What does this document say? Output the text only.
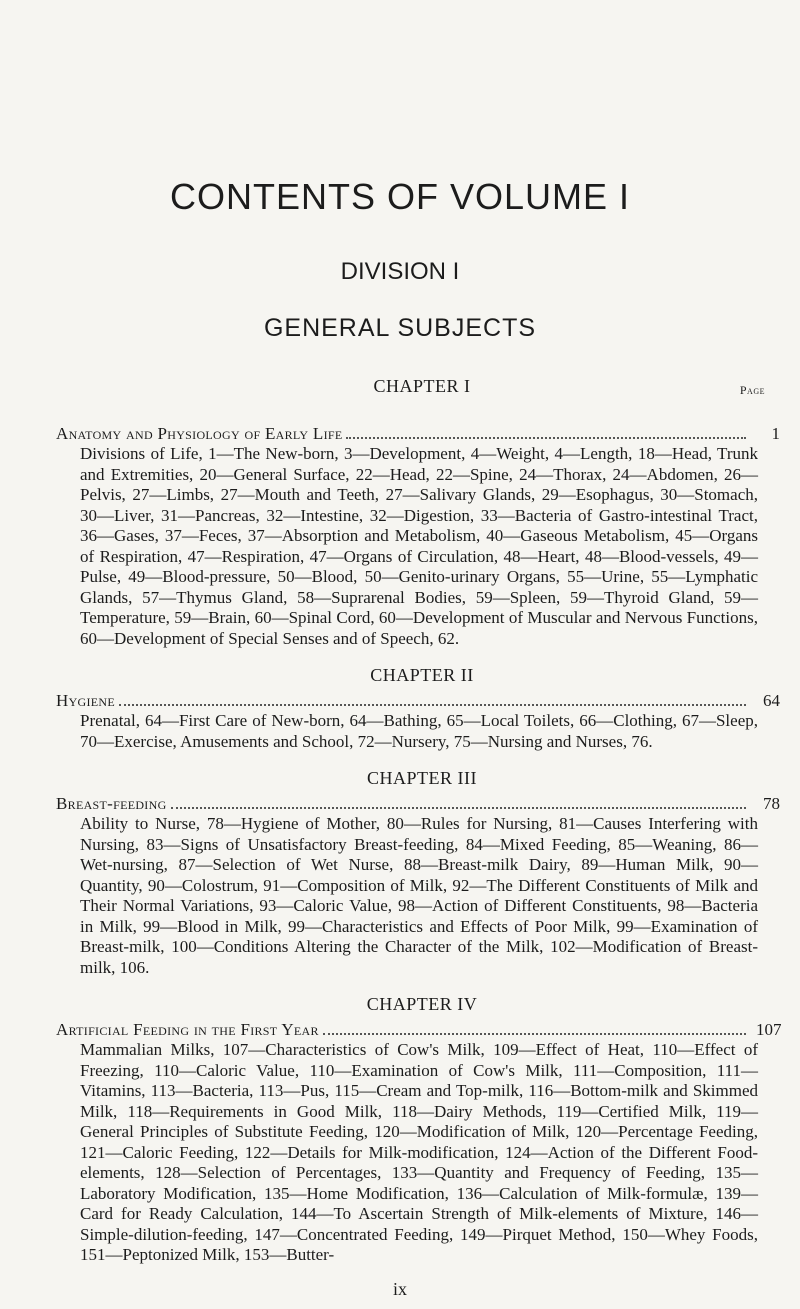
CONTENTS OF VOLUME I
DIVISION I
GENERAL SUBJECTS
Page
CHAPTER I
Anatomy and Physiology of Early Life	1

Divisions of Life, 1—The New-born, 3—Development, 4—Weight, 4—Length, 18—Head, Trunk and Extremities, 20—General Surface, 22—Head, 22—Spine, 24—Thorax, 24—Abdomen, 26—Pelvis, 27—Limbs, 27—Mouth and Teeth, 27—Salivary Glands, 29—Esophagus, 30—Stomach, 30—Liver, 31—Pancreas, 32—Intestine, 32—Digestion, 33—Bacteria of Gastro-intestinal Tract, 36—Gases, 37—Feces, 37—Absorption and Metabolism, 40—Gaseous Metabolism, 45—Organs of Respiration, 47—Respiration, 47—Organs of Circulation, 48—Heart, 48—Blood-vessels, 49—Pulse, 49—Blood-pressure, 50—Blood, 50—Genito-urinary Organs, 55—Urine, 55—Lymphatic Glands, 57—Thymus Gland, 58—Suprarenal Bodies, 59—Spleen, 59—Thyroid Gland, 59—Temperature, 59—Brain, 60—Spinal Cord, 60—Development of Muscular and Nervous Functions, 60—Development of Special Senses and of Speech, 62.

CHAPTER II
Hygiene	64

Prenatal, 64—First Care of New-born, 64—Bathing, 65—Local Toilets, 66—Clothing, 67—Sleep, 70—Exercise, Amusements and School, 72—Nursery, 75—Nursing and Nurses, 76.

CHAPTER III
Breast-feeding	78

Ability to Nurse, 78—Hygiene of Mother, 80—Rules for Nursing, 81—Causes Interfering with Nursing, 83—Signs of Unsatisfactory Breast-feeding, 84—Mixed Feeding, 85—Weaning, 86—Wet-nursing, 87—Selection of Wet Nurse, 88—Breast-milk Dairy, 89—Human Milk, 90—Quantity, 90—Colostrum, 91—Composition of Milk, 92—The Different Constituents of Milk and Their Normal Variations, 93—Caloric Value, 98—Action of Different Constituents, 98—Bacteria in Milk, 99—Blood in Milk, 99—Characteristics and Effects of Poor Milk, 99—Examination of Breast-milk, 100—Conditions Altering the Character of the Milk, 102—Modification of Breast-milk, 106.

CHAPTER IV
Artificial Feeding in the First Year	107

Mammalian Milks, 107—Characteristics of Cow's Milk, 109—Effect of Heat, 110—Effect of Freezing, 110—Caloric Value, 110—Examination of Cow's Milk, 111—Composition, 111—Vitamins, 113—Bacteria, 113—Pus, 115—Cream and Top-milk, 116—Bottom-milk and Skimmed Milk, 118—Requirements in Good Milk, 118—Dairy Methods, 119—Certified Milk, 119—General Principles of Substitute Feeding, 120—Modification of Milk, 120—Percentage Feeding, 121—Caloric Feeding, 122—Details for Milk-modification, 124—Action of the Different Food-elements, 128—Selection of Percentages, 133—Quantity and Frequency of Feeding, 135—Laboratory Modification, 135—Home Modification, 136—Calculation of Milk-formulæ, 139—Card for Ready Calculation, 144—To Ascertain Strength of Milk-elements of Mixture, 146—Simple-dilution-feeding, 147—Concentrated Feeding, 149—Pirquet Method, 150—Whey Foods, 151—Peptonized Milk, 153—Butter-

ix
